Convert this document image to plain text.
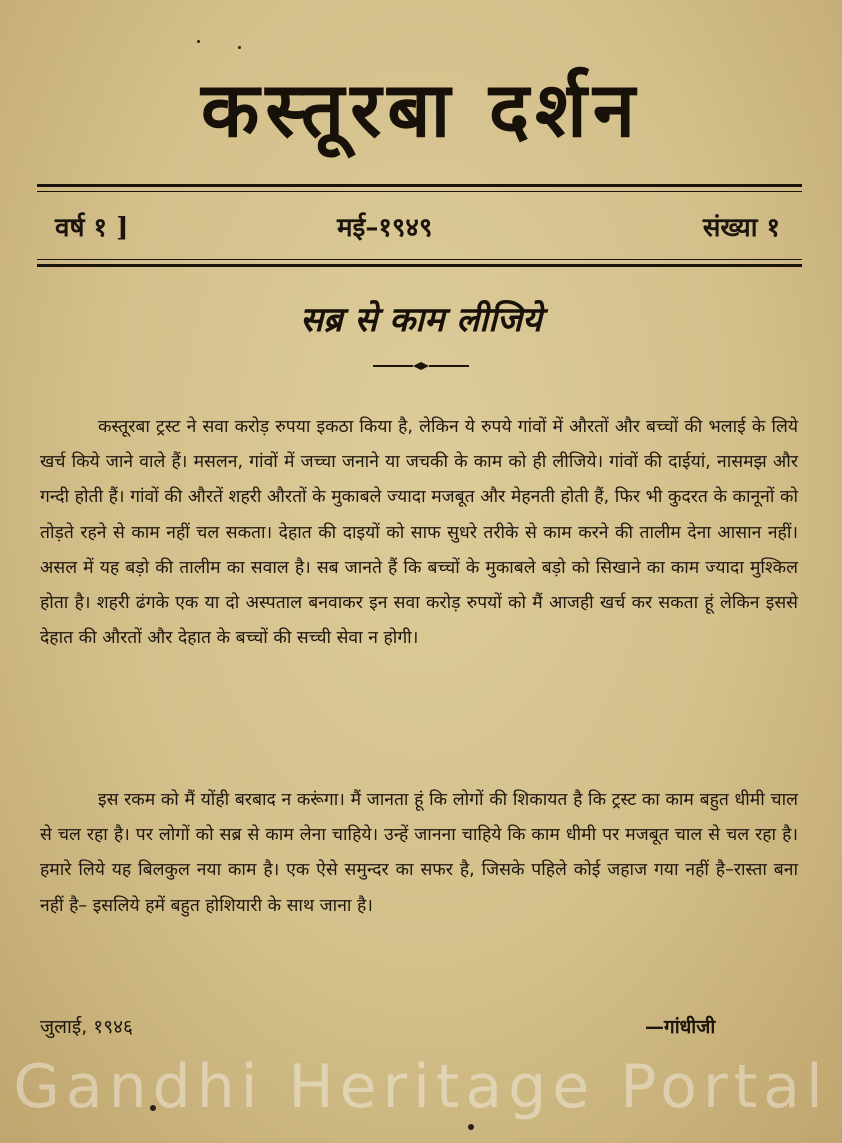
कस्तूरबा दर्शन
वर्ष १ ]	मई–१९४९	संख्या १
सब्र से काम लीजिये
कस्तूरबा ट्रस्ट ने सवा करोड़ रुपया इकठा किया है, लेकिन ये रुपये गांवों में औरतों और बच्चों की भलाई के लिये खर्च किये जाने वाले हैं। मसलन, गांवों में जच्चा जनाने या जचकी के काम को ही लीजिये। गांवों की दाईयां, नासमझ और गन्दी होती हैं। गांवों की औरतें शहरी औरतों के मुकाबले ज्यादा मजबूत और मेहनती होती हैं, फिर भी कुदरत के कानूनों को तोड़ते रहने से काम नहीं चल सकता। देहात की दाइयों को साफ सुधरे तरीके से काम करने की तालीम देना आसान नहीं। असल में यह बड़ो की तालीम का सवाल है। सब जानते हैं कि बच्चों के मुकाबले बड़ो को सिखाने का काम ज्यादा मुश्किल होता है। शहरी ढंगके एक या दो अस्पताल बनवाकर इन सवा करोड़ रुपयों को मैं आजही खर्च कर सकता हूं लेकिन इससे देहात की औरतों और देहात के बच्चों की सच्ची सेवा न होगी।
इस रकम को मैं योंही बरबाद न करूंगा। मैं जानता हूं कि लोगों की शिकायत है कि ट्रस्ट का काम बहुत धीमी चाल से चल रहा है। पर लोगों को सब्र से काम लेना चाहिये। उन्हें जानना चाहिये कि काम धीमी पर मजबूत चाल से चल रहा है। हमारे लिये यह बिलकुल नया काम है। एक ऐसे समुन्दर का सफर है, जिसके पहिले कोई जहाज गया नहीं है–रास्ता बना नहीं है– इसलिये हमें बहुत होशियारी के साथ जाना है।
जुलाई, १९४६	—गांधीजी
Gandhi Heritage Portal
